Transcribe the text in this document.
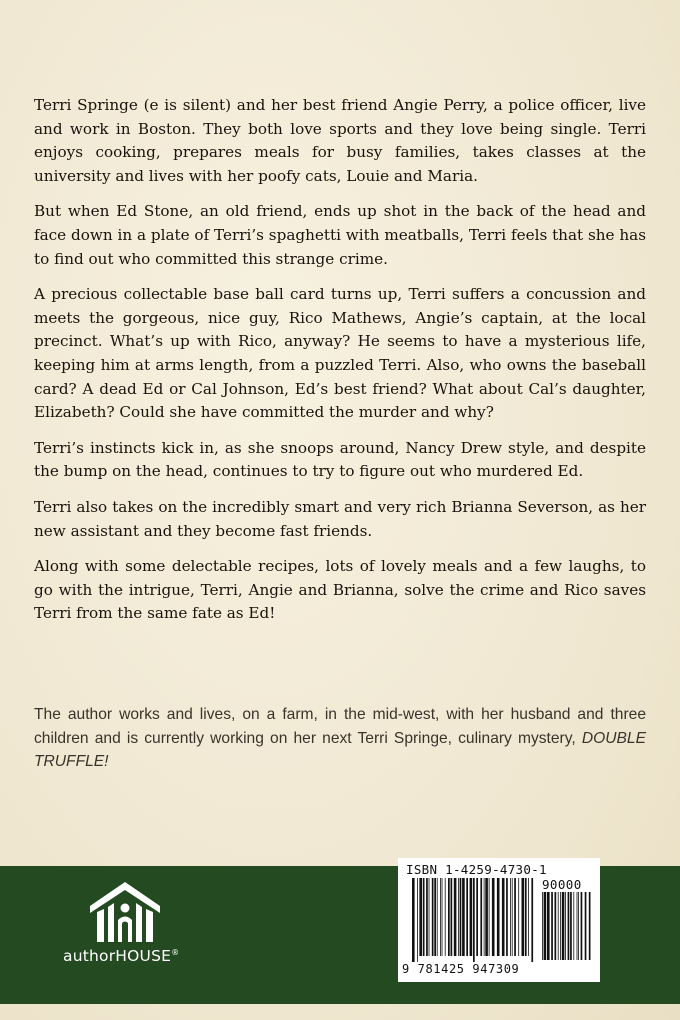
Terri Springe (e is silent) and her best friend Angie Perry, a police officer, live and work in Boston. They both love sports and they love being single. Terri enjoys cooking, prepares meals for busy families, takes classes at the university and lives with her poofy cats, Louie and Maria.

But when Ed Stone, an old friend, ends up shot in the back of the head and face down in a plate of Terri’s spaghetti with meatballs, Terri feels that she has to find out who committed this strange crime.

A precious collectable base ball card turns up, Terri suffers a concussion and meets the gorgeous, nice guy, Rico Mathews, Angie’s captain, at the local precinct. What’s up with Rico, anyway? He seems to have a mysterious life, keeping him at arms length, from a puzzled Terri. Also, who owns the baseball card? A dead Ed or Cal Johnson, Ed’s best friend? What about Cal’s daughter, Elizabeth? Could she have committed the murder and why?

Terri’s instincts kick in, as she snoops around, Nancy Drew style, and despite the bump on the head, continues to try to figure out who murdered Ed.

Terri also takes on the incredibly smart and very rich Brianna Severson, as her new assistant and they become fast friends.

Along with some delectable recipes, lots of lovely meals and a few laughs, to go with the intrigue, Terri, Angie and Brianna, solve the crime and Rico saves Terri from the same fate as Ed!

The author works and lives, on a farm, in the mid-west, with her husband and three children and is currently working on her next Terri Springe, culinary mystery, DOUBLE TRUFFLE!

authorHOUSE®
ISBN 1-4259-4730-1
90000
9 781425 947309
